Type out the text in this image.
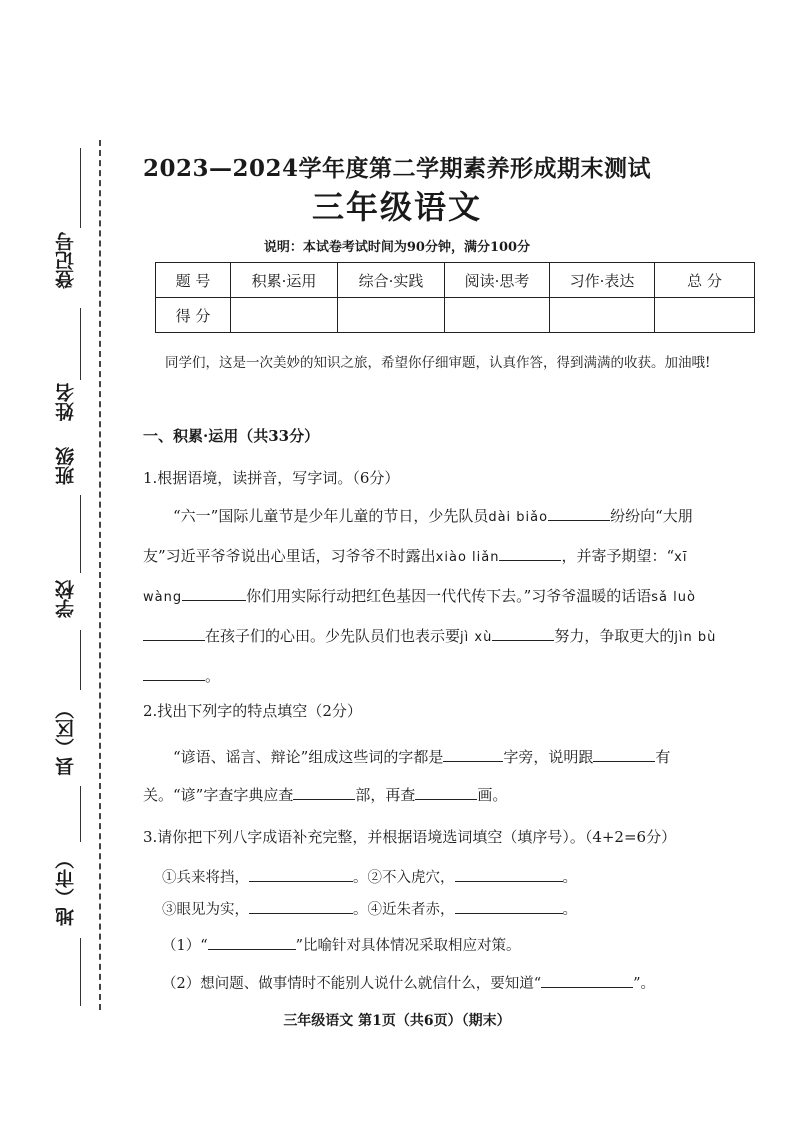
登记号
姓名
班级
学校
县（区）
地（市）
2023—2024学年度第二学期素养形成期末测试
三年级语文
说明：本试卷考试时间为90分钟，满分100分
题 号	积累·运用	综合·实践	阅读·思考	习作·表达	总 分
得 分					
同学们，这是一次美妙的知识之旅，希望你仔细审题，认真作答，得到满满的收获。加油哦!
一、积累·运用（共33分）
1.根据语境，读拼音，写字词。（6分）
“六一”国际儿童节是少年儿童的节日，少先队员dài biǎo	纷纷向“大朋友”习近平爷爷说出心里话，习爷爷不时露出xiào liǎn	，并寄予期望：“xī wàng	你们用实际行动把红色基因一代代传下去。”习爷爷温暖的话语sǎ luò在孩子们的心田。少先队员们也表示要jì xù	努力，争取更大的jìn bù。
2.找出下列字的特点填空（2分）
“谚语、谣言、辩论”组成这些词的字都是	字旁，说明跟	有关。“谚”字查字典应查	部，再查	画。
3.请你把下列八字成语补充完整，并根据语境选词填空（填序号）。（4+2=6分）
①兵来将挡，	。②不入虎穴，	。
③眼见为实，	。④近朱者赤，	。
（1）“	”比喻针对具体情况采取相应对策。
（2）想问题、做事情时不能别人说什么就信什么，要知道“	”。
三年级语文 第1页（共6页）（期末）
